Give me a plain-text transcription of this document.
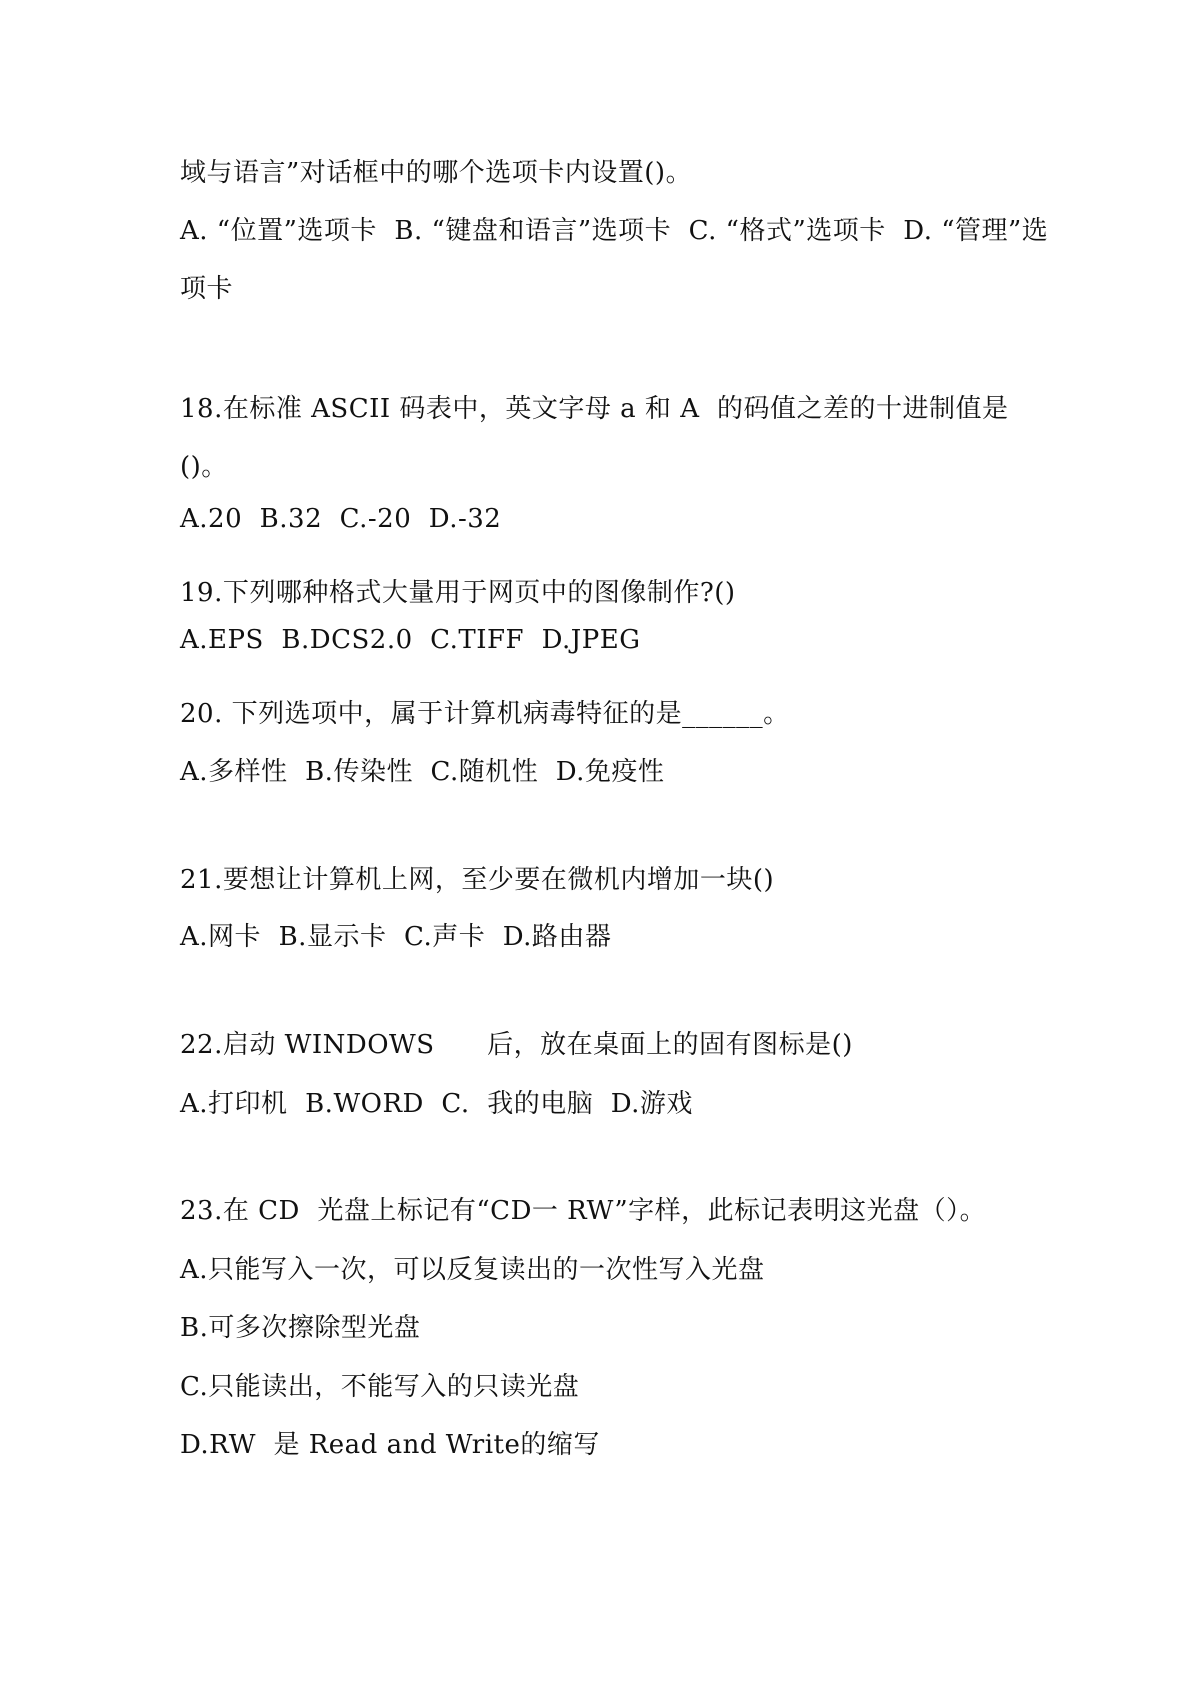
域与语言”对话框中的哪个选项卡内设置()。
A. “位置”选项卡  B. “键盘和语言”选项卡  C. “格式”选项卡  D. “管理”选
项卡
18.在标准 ASCII 码表中，英文字母 a 和 A  的码值之差的十进制值是
()。
A.20  B.32  C.-20  D.-32
19.下列哪种格式大量用于网页中的图像制作?()
A.EPS  B.DCS2.0  C.TIFF  D.JPEG
20. 下列选项中，属于计算机病毒特征的是______。
A.多样性  B.传染性  C.随机性  D.免疫性
21.要想让计算机上网，至少要在微机内增加一块()
A.网卡  B.显示卡  C.声卡  D.路由器
22.启动 WINDOWS      后，放在桌面上的固有图标是()
A.打印机  B.WORD  C.  我的电脑  D.游戏
23.在 CD  光盘上标记有“CD一 RW”字样，此标记表明这光盘（）。
A.只能写入一次，可以反复读出的一次性写入光盘
B.可多次擦除型光盘
C.只能读出，不能写入的只读光盘
D.RW  是 Read and Write的缩写
